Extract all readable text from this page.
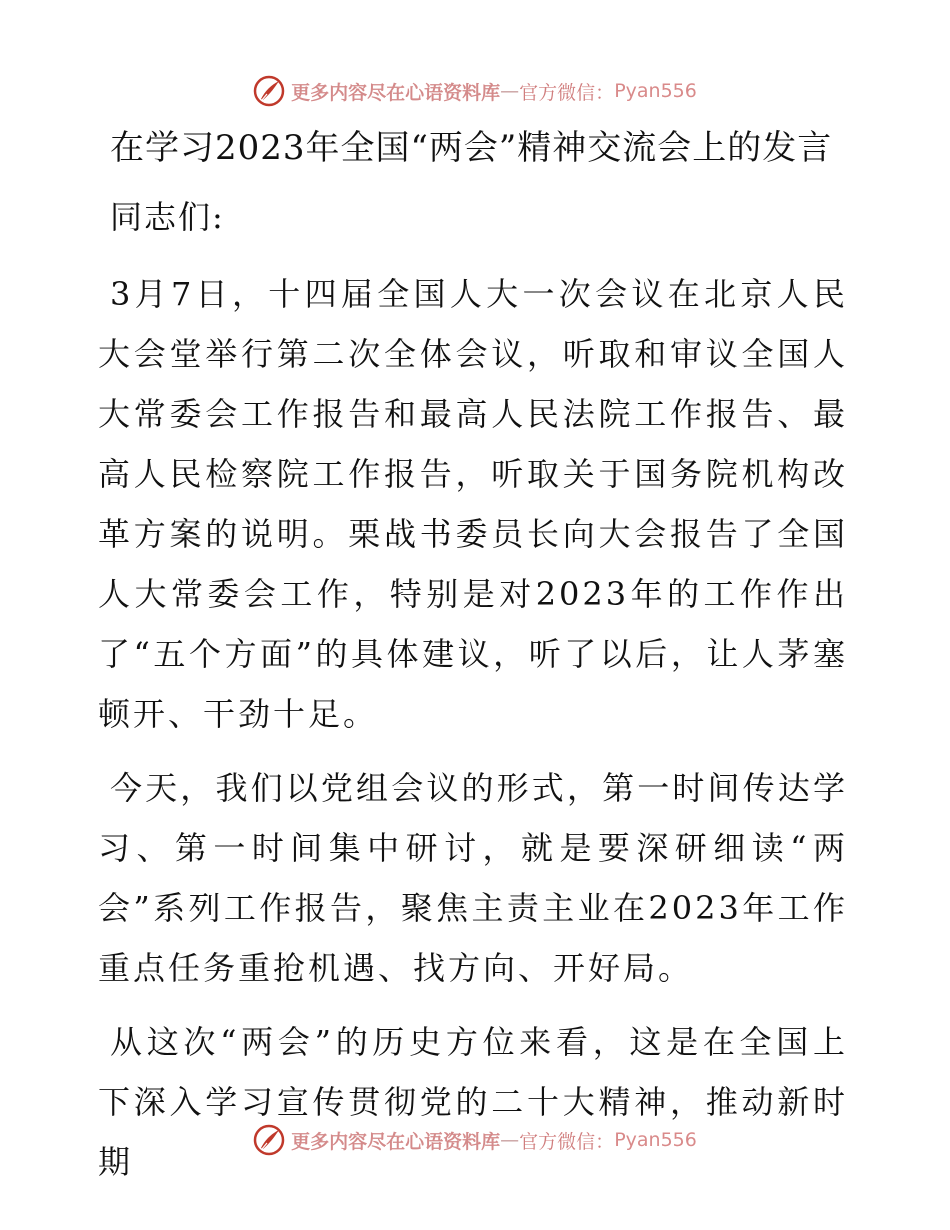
更多内容尽在心语资料库 — 官方微信： Pyan556
在学习2023年全国“两会”精神交流会上的发言
同志们:

3月7日，十四届全国人大一次会议在北京人民大会堂举行第二次全体会议，听取和审议全国人大常委会工作报告和最高人民法院工作报告、最高人民检察院工作报告，听取关于国务院机构改革方案的说明。栗战书委员长向大会报告了全国人大常委会工作，特别是对2023年的工作作出了“五个方面”的具体建议，听了以后，让人茅塞顿开、干劲十足。

今天，我们以党组会议的形式，第一时间传达学习、第一时间集中研讨，就是要深研细读“两会”系列工作报告，聚焦主责主业在2023年工作重点任务重抢机遇、找方向、开好局。

从这次“两会”的历史方位来看，这是在全国上下深入学习宣传贯彻党的二十大精神，推动新时期

更多内容尽在心语资料库 — 官方微信： Pyan556
